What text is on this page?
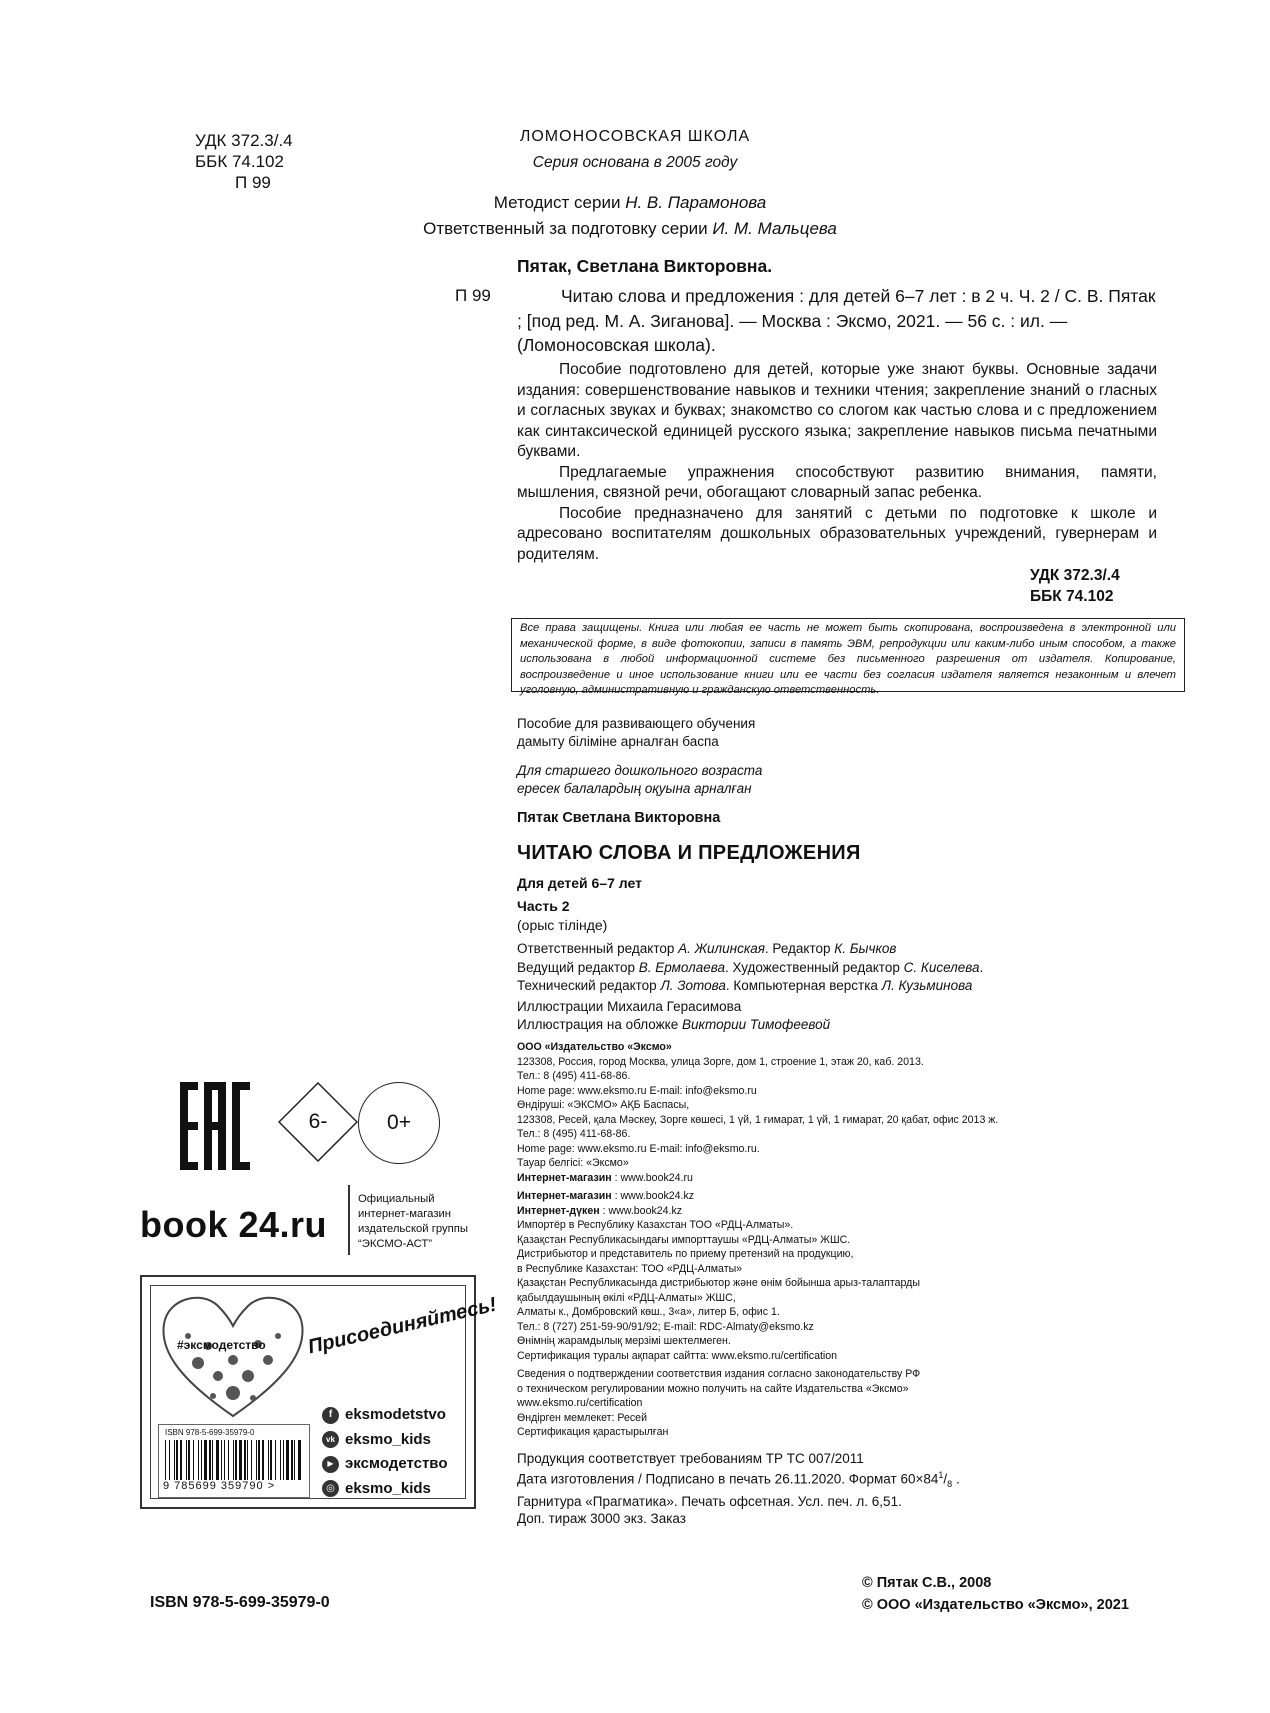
УДК 372.3/.4
ББК 74.102
П 99
ЛОМОНОСОВСКАЯ ШКОЛА
Серия основана в 2005 году
Методист серии Н. В. Парамонова
Ответственный за подготовку серии И. М. Мальцева
Пятак, Светлана Викторовна.
П 99	Читаю слова и предложения : для детей 6–7 лет : в 2 ч. Ч. 2 / С. В. Пятак ; [под ред. М. А. Зиганова]. — Москва : Эксмо, 2021. — 56 с. : ил. — (Ломоносовская школа).

Пособие подготовлено для детей, которые уже знают буквы. Основные задачи издания: совершенствование навыков и техники чтения; закрепление знаний о гласных и согласных звуках и буквах; знакомство со слогом как частью слова и с предложением как синтаксической единицей русского языка; закрепление навыков письма печатными буквами.

Предлагаемые упражнения способствуют развитию внимания, памяти, мышления, связной речи, обогащают словарный запас ребенка.

Пособие предназначено для занятий с детьми по подготовке к школе и адресовано воспитателям дошкольных образовательных учреждений, гувернерам и родителям.

УДК 372.3/.4
ББК 74.102
Все права защищены. Книга или любая ее часть не может быть скопирована, воспроизведена в электронной или механической форме, в виде фотокопии, записи в память ЭВМ, репродукции или каким-либо иным способом, а также использована в любой информационной системе без письменного разрешения от издателя. Копирование, воспроизведение и иное использование книги или ее части без согласия издателя является незаконным и влечет уголовную, административную и гражданскую ответственность.
Пособие для развивающего обучения
дамыту біліміне арналған баспа
Для старшего дошкольного возраста
ересек балалардың оқуына арналған
Пятак Светлана Викторовна
ЧИТАЮ СЛОВА И ПРЕДЛОЖЕНИЯ
Для детей 6–7 лет
Часть 2
(орыс тілінде)
Ответственный редактор А. Жилинская. Редактор К. Бычков
Ведущий редактор В. Ермолаева. Художественный редактор С. Киселева.
Технический редактор Л. Зотова. Компьютерная верстка Л. Кузьминова
Иллюстрации Михаила Герасимова
Иллюстрация на обложке Виктории Тимофеевой
ООО «Издательство «Эксмо»
123308, Россия, город Москва, улица Зорге, дом 1, строение 1, этаж 20, каб. 2013.
Тел.: 8 (495) 411-68-86.
Home page: www.eksmo.ru E-mail: info@eksmo.ru
Өндіруші: «ЭКСМО» АҚБ Баспасы,
123308, Ресей, қала Мәскеу, Зорге көшесі, 1 үй, 1 ғимарат, 1 үй, 1 ғимарат, 20 қабат, офис 2013 ж.
Тел.: 8 (495) 411-68-86.
Home page: www.eksmo.ru E-mail: info@eksmo.ru.
Тауар белгісі: «Эксмо»
Интернет-магазин : www.book24.ru
Интернет-магазин : www.book24.kz
Интернет-дүкен : www.book24.kz
Импортёр в Республику Казахстан ТОО «РДЦ-Алматы».
Қазақстан Республикасындағы импорттаушы «РДЦ-Алматы» ЖШС.
Дистрибьютор и представитель по приему претензий на продукцию,
в Республике Казахстан: ТОО «РДЦ-Алматы»
Қазақстан Республикасында дистрибьютор және өнім бойынша арыз-талаптарды
қабылдаушының өкілі «РДЦ-Алматы» ЖШС,
Алматы к., Домбровский көш., 3«а», литер Б, офис 1.
Тел.: 8 (727) 251-59-90/91/92; E-mail: RDC-Almaty@eksmo.kz
Өнімнің жарамдылық мерзімі шектелмеген.
Сертификация туралы ақпарат сайтта: www.eksmo.ru/certification
Сведения о подтверждении соответствия издания согласно законодательству РФ
о техническом регулировании можно получить на сайте Издательства «Эксмо»
www.eksmo.ru/certification
Өндірген мемлекет: Ресей
Сертификация қарастырылған
Продукция соответствует требованиям ТР ТС 007/2011
Дата изготовления / Подписано в печать 26.11.2020. Формат $60\times 84^1/_8$ .
Гарнитура «Прагматика». Печать офсетная. Усл. печ. л. 6,51.
Доп. тираж 3000 экз. Заказ
© Пятак С.В., 2008
© ООО «Издательство «Эксмо», 2021
ISBN 978-5-699-35979-0
6-	0+
book 24.ru
Официальный
интернет-магазин
издательской группы
“ЭКСМО-АСТ”
#эксмодетство Присоединяйтесь!
f eksmodetstvo
vk eksmo_kids
▶ эксмодетство
◎ eksmo_kids
ISBN 978-5-699-35979-0
9 785699 359790 >
